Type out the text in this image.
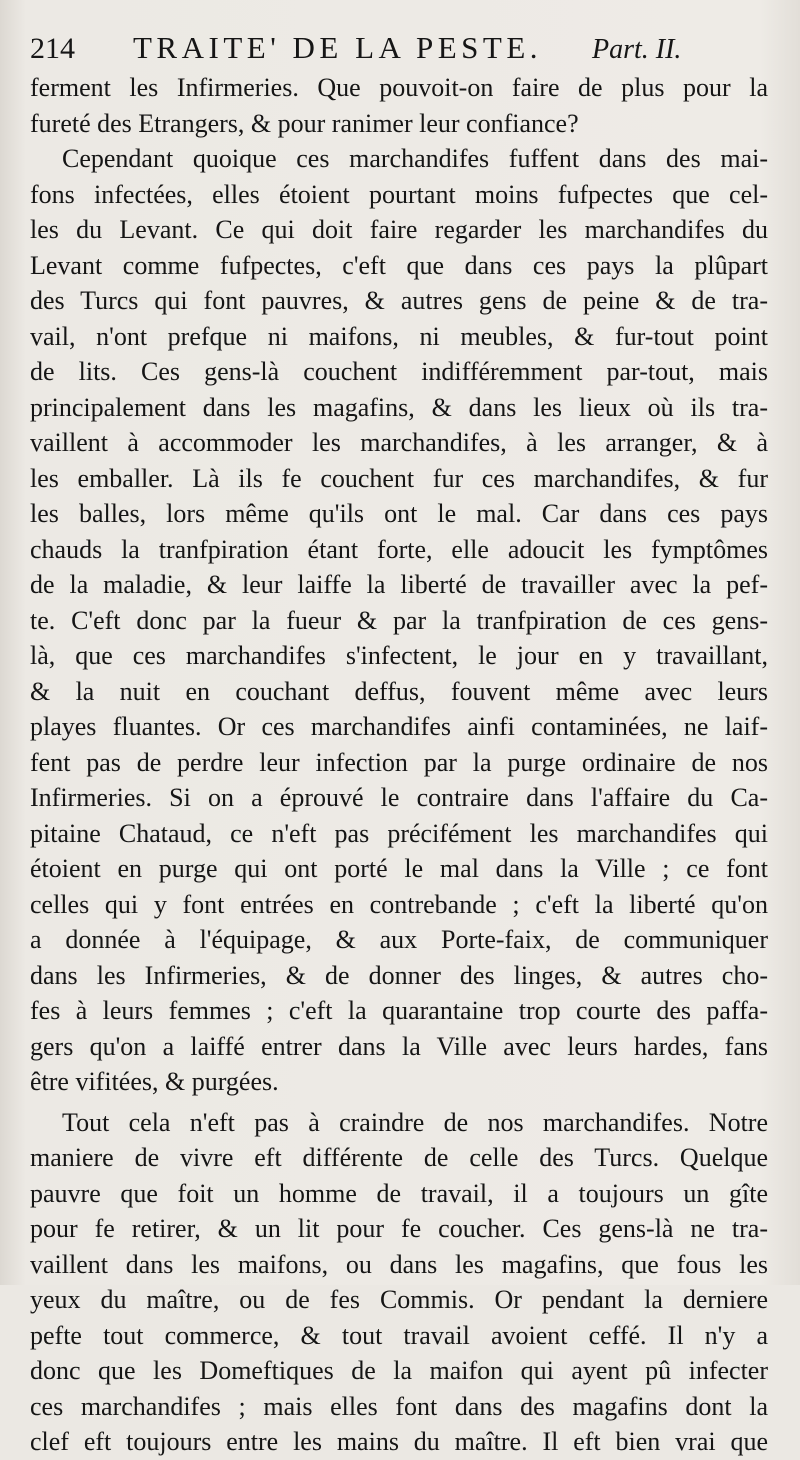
214 TRAITE' DE LA PESTE. Part. II.
ferment les Infirmeries. Que pouvoit-on faire de plus pour la
fureté des Etrangers, & pour ranimer leur confiance?
Cependant quoique ces marchandifes fuffent dans des mai-
fons infectées, elles étoient pourtant moins fufpectes que cel-
les du Levant. Ce qui doit faire regarder les marchandifes du
Levant comme fufpectes, c'eft que dans ces pays la plûpart
des Turcs qui font pauvres, & autres gens de peine & de tra-
vail, n'ont prefque ni maifons, ni meubles, & fur-tout point
de lits. Ces gens-là couchent indifféremment par-tout, mais
principalement dans les magafins, & dans les lieux où ils tra-
vaillent à accommoder les marchandifes, à les arranger, & à
les emballer. Là ils fe couchent fur ces marchandifes, & fur
les balles, lors même qu'ils ont le mal. Car dans ces pays
chauds la tranfpiration étant forte, elle adoucit les fymptômes
de la maladie, & leur laiffe la liberté de travailler avec la pef-
te. C'eft donc par la fueur & par la tranfpiration de ces gens-
là, que ces marchandifes s'infectent, le jour en y travaillant,
& la nuit en couchant deffus, fouvent même avec leurs
playes fluantes. Or ces marchandifes ainfi contaminées, ne laif-
fent pas de perdre leur infection par la purge ordinaire de nos
Infirmeries. Si on a éprouvé le contraire dans l'affaire du Ca-
pitaine Chataud, ce n'eft pas précifément les marchandifes qui
étoient en purge qui ont porté le mal dans la Ville ; ce font
celles qui y font entrées en contrebande ; c'eft la liberté qu'on
a donnée à l'équipage, & aux Porte-faix, de communiquer
dans les Infirmeries, & de donner des linges, & autres cho-
fes à leurs femmes ; c'eft la quarantaine trop courte des paffa-
gers qu'on a laiffé entrer dans la Ville avec leurs hardes, fans
être vifitées, & purgées.
Tout cela n'eft pas à craindre de nos marchandifes. Notre
maniere de vivre eft différente de celle des Turcs. Quelque
pauvre que foit un homme de travail, il a toujours un gîte
pour fe retirer, & un lit pour fe coucher. Ces gens-là ne tra-
vaillent dans les maifons, ou dans les magafins, que fous les
yeux du maître, ou de fes Commis. Or pendant la derniere
pefte tout commerce, & tout travail avoient ceffé. Il n'y a
donc que les Domeftiques de la maifon qui ayent pû infecter
ces marchandifes ; mais elles font dans des magafins dont la
clef eft toujours entre les mains du maître. Il eft bien vrai que
